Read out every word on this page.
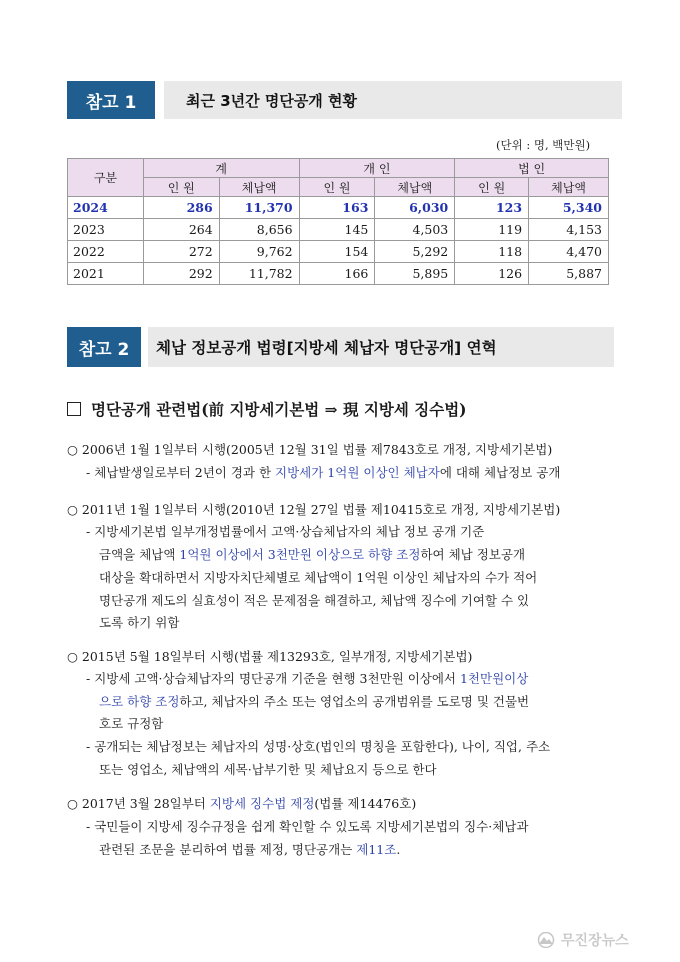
참고 1	최근 3년간 명단공개 현황
(단위 : 명, 백만원)
구분	계		개 인		법 인	
	인 원	체납액	인 원	체납액	인 원	체납액
2024	286	11,370	163	6,030	123	5,340
2023	264	8,656	145	4,503	119	4,153
2022	272	9,762	154	5,292	118	4,470
2021	292	11,782	166	5,895	126	5,887
참고 2	체납 정보공개 법령[지방세 체납자 명단공개] 연혁
명단공개 관련법(前 지방세기본법 ⇒ 現 지방세 징수법)
○ 2006년 1월 1일부터 시행(2005년 12월 31일 법률 제7843호로 개정, 지방세기본법)
- 체납발생일로부터 2년이 경과 한 지방세가 1억원 이상인 체납자에 대해 체납정보 공개
○ 2011년 1월 1일부터 시행(2010년 12월 27일 법률 제10415호로 개정, 지방세기본법)
- 지방세기본법 일부개정법률에서 고액·상습체납자의 체납 정보 공개 기준
금액을 체납액 1억원 이상에서 3천만원 이상으로 하향 조정하여 체납 정보공개
대상을 확대하면서 지방자치단체별로 체납액이 1억원 이상인 체납자의 수가 적어
명단공개 제도의 실효성이 적은 문제점을 해결하고, 체납액 징수에 기여할 수 있
도록 하기 위함
○ 2015년 5월 18일부터 시행(법률 제13293호, 일부개정, 지방세기본법)
- 지방세 고액·상습체납자의 명단공개 기준을 현행 3천만원 이상에서 1천만원이상
으로 하향 조정하고, 체납자의 주소 또는 영업소의 공개범위를 도로명 및 건물번
호로 규정함
- 공개되는 체납정보는 체납자의 성명·상호(법인의 명칭을 포함한다), 나이, 직업, 주소
또는 영업소, 체납액의 세목·납부기한 및 체납요지 등으로 한다
○ 2017년 3월 28일부터 지방세 징수법 제정(법률 제14476호)
- 국민들이 지방세 징수규정을 쉽게 확인할 수 있도록 지방세기본법의 징수·체납과
관련된 조문을 분리하여 법률 제정, 명단공개는 제11조.
무진장뉴스
